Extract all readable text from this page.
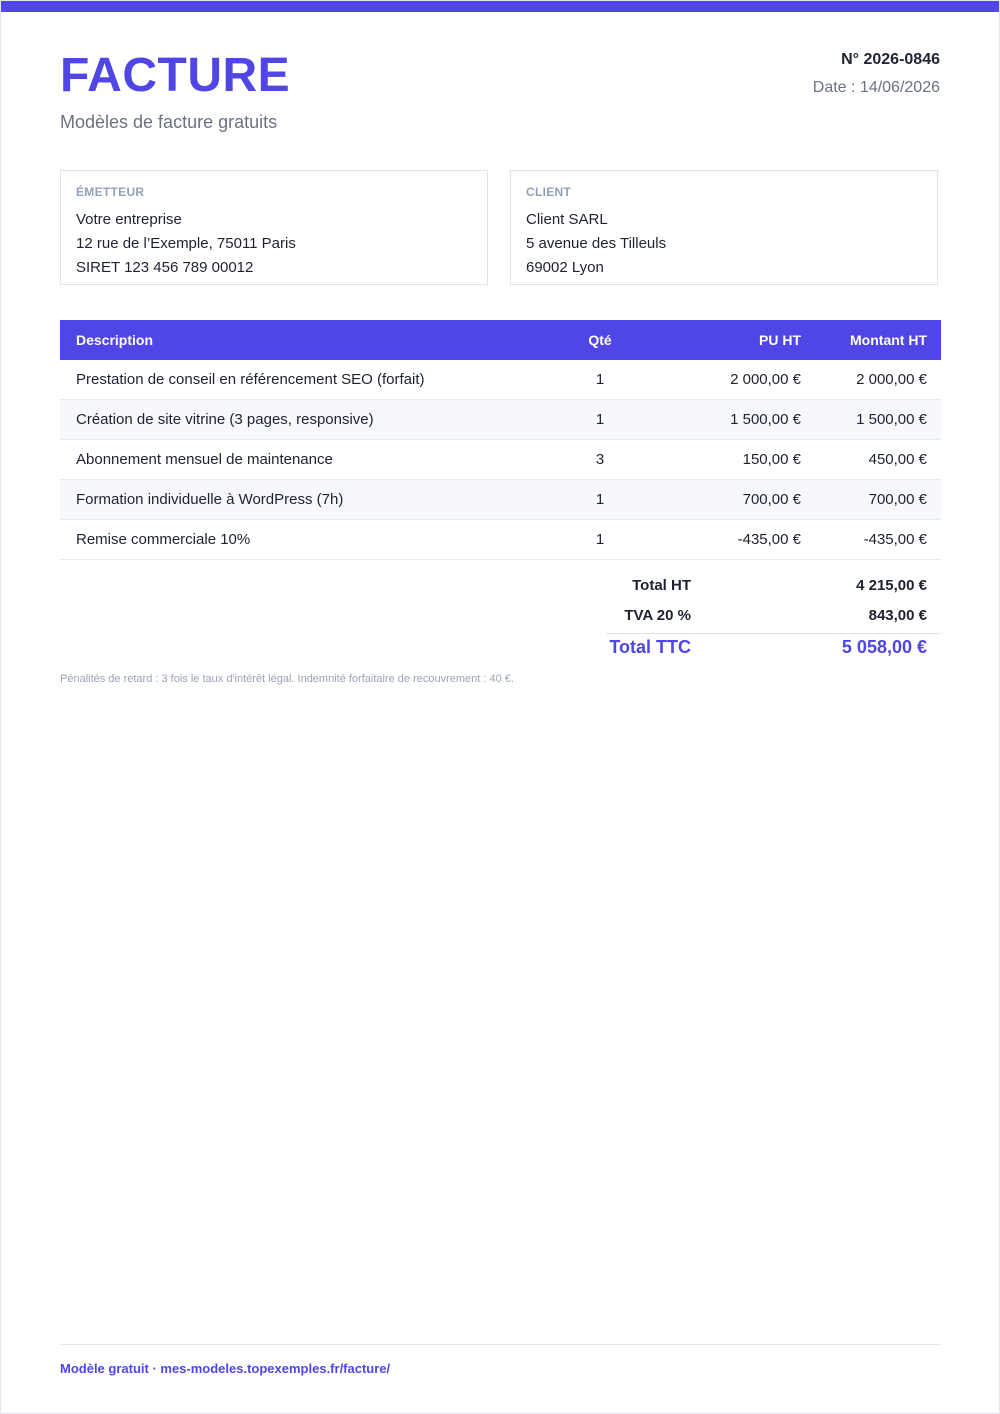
FACTURE
Modèles de facture gratuits
N° 2026-0846
Date : 14/06/2026
ÉMETTEUR
Votre entreprise
12 rue de l’Exemple, 75011 Paris
SIRET 123 456 789 00012
CLIENT
Client SARL
5 avenue des Tilleuls
69002 Lyon
Description	Qté	PU HT	Montant HT
Prestation de conseil en référencement SEO (forfait)	1	2 000,00 €	2 000,00 €
Création de site vitrine (3 pages, responsive)	1	1 500,00 €	1 500,00 €
Abonnement mensuel de maintenance	3	150,00 €	450,00 €
Formation individuelle à WordPress (7h)	1	700,00 €	700,00 €
Remise commerciale 10%	1	-435,00 €	-435,00 €
Total HT	4 215,00 €
TVA 20 %	843,00 €
Total TTC	5 058,00 €
Pénalités de retard : 3 fois le taux d'intérêt légal. Indemnité forfaitaire de recouvrement : 40 €.
Modèle gratuit · mes-modeles.topexemples.fr/facture/
